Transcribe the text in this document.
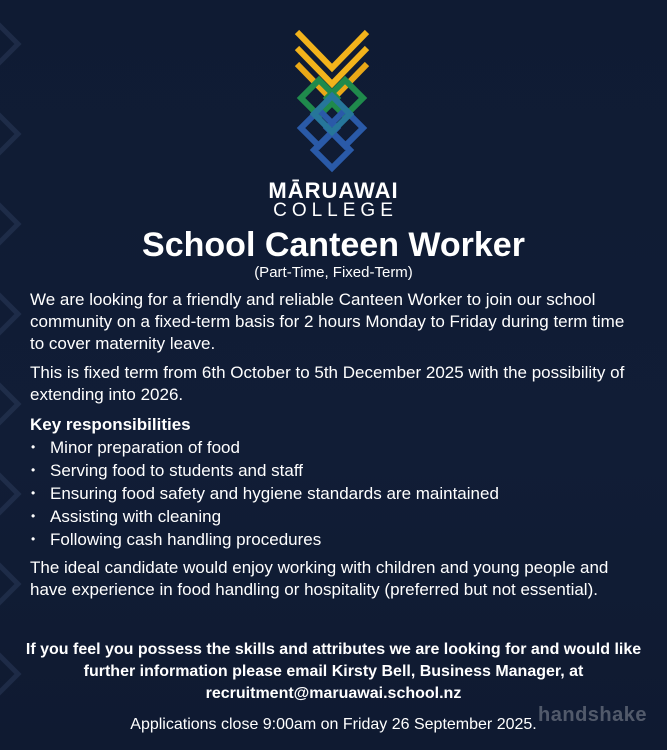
MĀRUAWAI
COLLEGE
School Canteen Worker
(Part-Time, Fixed-Term)

We are looking for a friendly and reliable Canteen Worker to join our school community on a fixed-term basis for 2 hours Monday to Friday during term time to cover maternity leave.

This is fixed term from 6th October to 5th December 2025 with the possibility of extending into 2026.

Key responsibilities
• Minor preparation of food
• Serving food to students and staff
• Ensuring food safety and hygiene standards are maintained
• Assisting with cleaning
• Following cash handling procedures

The ideal candidate would enjoy working with children and young people and have experience in food handling or hospitality (preferred but not essential).

If you feel you possess the skills and attributes we are looking for and would like further information please email Kirsty Bell, Business Manager, at recruitment@maruawai.school.nz
Applications close 9:00am on Friday 26 September 2025. handshake
